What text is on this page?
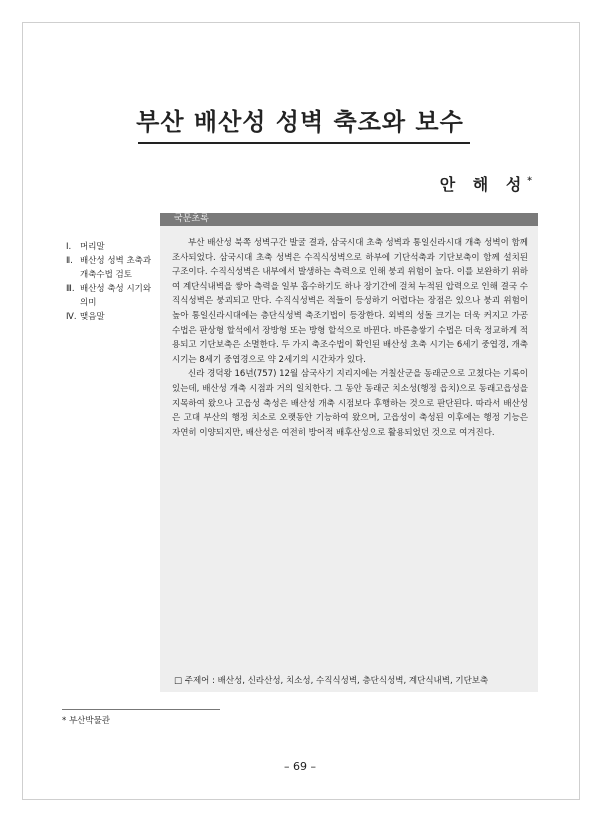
부산 배산성 성벽 축조와 보수
안 해 성*
Ⅰ.	머리말
Ⅱ. 배산성 성벽 초축과 개축수법 검토
Ⅲ. 배산성 축성 시기와 의미
Ⅳ. 맺음말
국문초록

부산 배산성 북쪽 성벽구간 발굴 결과, 삼국시대 초축 성벽과 통일신라시대 개축 성벽이 함께 조사되었다. 삼국시대 초축 성벽은 수직식성벽으로 하부에 기단석축과 기단보축이 함께 설치된 구조이다. 수직식성벽은 내부에서 발생하는 측력으로 인해 붕괴 위험이 높다. 이를 보완하기 위하여 계단식내벽을 쌓아 측력을 일부 흡수하기도 하나 장기간에 걸쳐 누적된 압력으로 인해 결국 수직식성벽은 붕괴되고 만다. 수직식성벽은 적들이 등성하기 어렵다는 장점은 있으나 붕괴 위험이 높아 통일신라시대에는 층단식성벽 축조기법이 등장한다. 외벽의 성돌 크기는 더욱 커지고 가공 수법은 판상형 할석에서 장방형 또는 방형 할석으로 바뀐다. 바른층쌓기 수법은 더욱 정교하게 적용되고 기단보축은 소멸한다. 두 가지 축조수법이 확인된 배산성 초축 시기는 6세기 중엽경, 개축 시기는 8세기 중엽경으로 약 2세기의 시간차가 있다.

신라 경덕왕 16년(757) 12월 삼국사기 지리지에는 거칠산군을 동래군으로 고쳤다는 기록이 있는데, 배산성 개축 시점과 거의 일치한다. 그 동안 동래군 치소성(행정 읍치)으로 동래고읍성을 지목하여 왔으나 고읍성 축성은 배산성 개축 시점보다 후행하는 것으로 판단된다. 따라서 배산성은 고대 부산의 행정 치소로 오랫동안 기능하여 왔으며, 고읍성이 축성된 이후에는 행정 기능은 자연히 이양되지만, 배산성은 여전히 방어적 배후산성으로 활용되었던 것으로 여겨진다.

□ 주제어 : 배산성, 신라산성, 치소성, 수직식성벽, 층단식성벽, 계단식내벽, 기단보축
* 부산박물관
– 69 –
